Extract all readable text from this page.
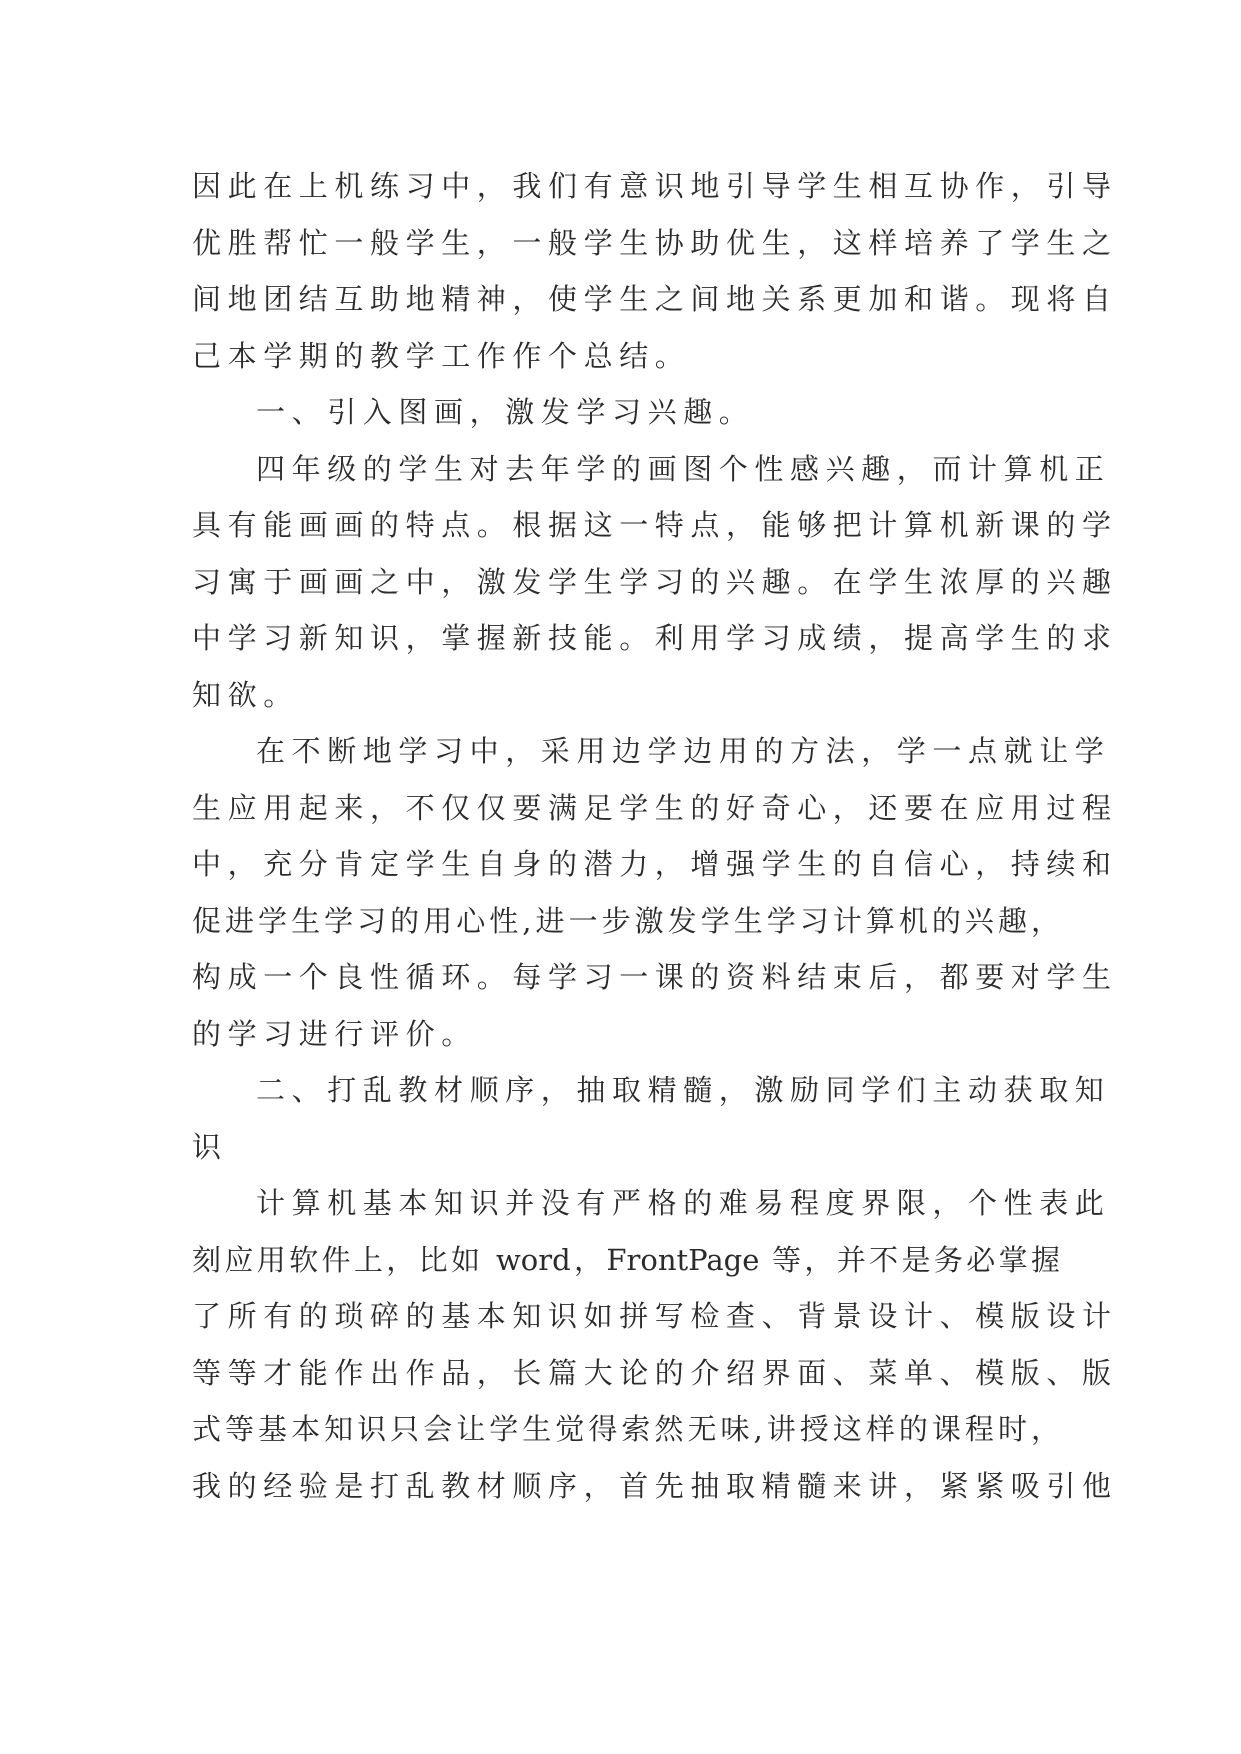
因此在上机练习中，我们有意识地引导学生相互协作，引导
优胜帮忙一般学生，一般学生协助优生，这样培养了学生之
间地团结互助地精神，使学生之间地关系更加和谐。现将自
己本学期的教学工作作个总结。
一、引入图画，激发学习兴趣。
四年级的学生对去年学的画图个性感兴趣，而计算机正
具有能画画的特点。根据这一特点，能够把计算机新课的学
习寓于画画之中，激发学生学习的兴趣。在学生浓厚的兴趣
中学习新知识，掌握新技能。利用学习成绩，提高学生的求
知欲。
在不断地学习中，采用边学边用的方法，学一点就让学
生应用起来，不仅仅要满足学生的好奇心，还要在应用过程
中，充分肯定学生自身的潜力，增强学生的自信心，持续和
促进学生学习的用心性,进一步激发学生学习计算机的兴趣，
构成一个良性循环。每学习一课的资料结束后，都要对学生
的学习进行评价。
二、打乱教材顺序，抽取精髓，激励同学们主动获取知
识
计算机基本知识并没有严格的难易程度界限，个性表此
刻应用软件上，比如 word，FrontPage 等，并不是务必掌握
了所有的琐碎的基本知识如拼写检查、背景设计、模版设计
等等才能作出作品，长篇大论的介绍界面、菜单、模版、版
式等基本知识只会让学生觉得索然无味,讲授这样的课程时，
我的经验是打乱教材顺序，首先抽取精髓来讲，紧紧吸引他
